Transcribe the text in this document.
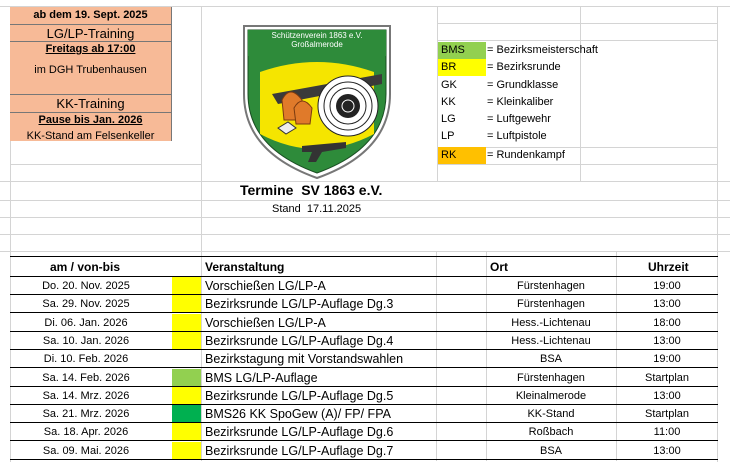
ab dem 19. Sept. 2025
LG/LP-Training
Freitags ab 17:00
im DGH Trubenhausen
KK-Training
Pause bis Jan. 2026
KK-Stand am Felsenkeller
Schützenverein 1863 e.V.
Großalmerode	BMS	= Bezirksmeisterschaft
BR	= Bezirksrunde
GK	= Grundklasse
KK	= Kleinkaliber
LG	= Luftgewehr
LP	= Luftpistole
RK	= Rundenkampf
Termine  SV 1863 e.V.
Stand  17.11.2025
am / von-bis	Veranstaltung	Ort	Uhrzeit
Do. 20. Nov. 2025	Vorschießen LG/LP-A	Fürstenhagen	19:00
Sa. 29. Nov. 2025	Bezirksrunde LG/LP-Auflage Dg.3	Fürstenhagen	13:00
Di. 06. Jan. 2026	Vorschießen LG/LP-A	Hess.-Lichtenau	18:00
Sa. 10. Jan. 2026	Bezirksrunde LG/LP-Auflage Dg.4	Hess.-Lichtenau	13:00
Di. 10. Feb. 2026	Bezirkstagung mit Vorstandswahlen	BSA	19:00
Sa. 14. Feb. 2026	BMS LG/LP-Auflage	Fürstenhagen	Startplan
Sa. 14. Mrz. 2026	Bezirksrunde LG/LP-Auflage Dg.5	Kleinalmerode	13:00
Sa. 21. Mrz. 2026	BMS26 KK SpoGew (A)/ FP/ FPA	KK-Stand	Startplan
Sa. 18. Apr. 2026	Bezirksrunde LG/LP-Auflage Dg.6	Roßbach	11:00
Sa. 09. Mai. 2026	Bezirksrunde LG/LP-Auflage Dg.7	BSA	13:00
